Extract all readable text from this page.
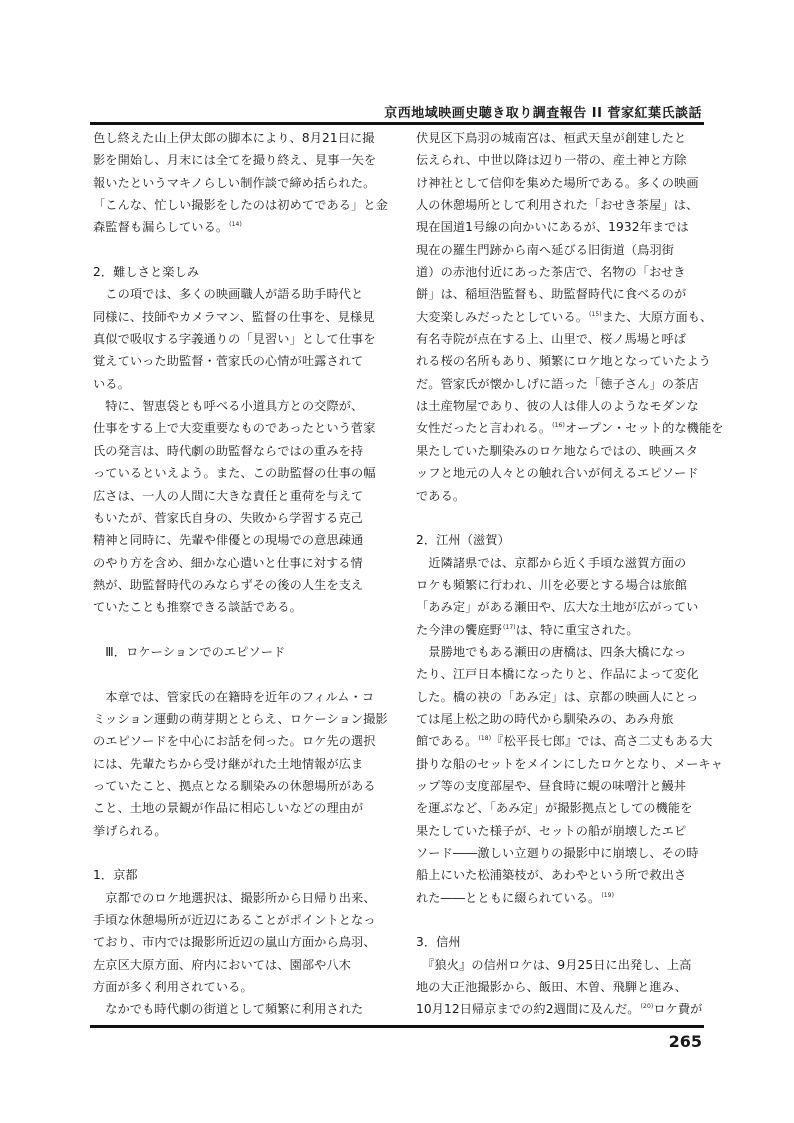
京西地域映画史聴き取り調査報告 II 菅家紅葉氏談話
色し終えた山上伊太郎の脚本により、8月21日に撮
影を開始し、月末には全てを撮り終え、見事一矢を
報いたというマキノらしい制作談で締め括られた。
「こんな、忙しい撮影をしたのは初めてである」と金
森監督も漏らしている。$^{(14)}$
2．難しさと楽しみ
　この項では、多くの映画職人が語る助手時代と
同様に、技師やカメラマン、監督の仕事を、見様見
真似で吸収する字義通りの「見習い」として仕事を
覚えていった助監督・菅家氏の心情が吐露されて
いる。
　特に、智恵袋とも呼べる小道具方との交際が、
仕事をする上で大変重要なものであったという菅家
氏の発言は、時代劇の助監督ならではの重みを持
っているといえよう。また、この助監督の仕事の幅
広さは、一人の人間に大きな責任と重荷を与えて
もいたが、菅家氏自身の、失敗から学習する克己
精神と同時に、先輩や俳優との現場での意思疎通
のやり方を含め、細かな心遣いと仕事に対する情
熱が、助監督時代のみならずその後の人生を支え
ていたことも推察できる談話である。
　Ⅲ．ロケーションでのエピソード
　本章では、管家氏の在籍時を近年のフィルム・コ
ミッション運動の萌芽期ととらえ、ロケーション撮影
のエピソードを中心にお話を伺った。ロケ先の選択
には、先輩たちから受け継がれた土地情報が広ま
っていたこと、拠点となる馴染みの休憩場所がある
こと、土地の景観が作品に相応しいなどの理由が
挙げられる。
1．京都
　京都でのロケ地選択は、撮影所から日帰り出来、
手頃な休憩場所が近辺にあることがポイントとなっ
ており、市内では撮影所近辺の嵐山方面から鳥羽、
左京区大原方面、府内においては、園部や八木
方面が多く利用されている。
　なかでも時代劇の街道として頻繁に利用された
伏見区下鳥羽の城南宮は、桓武天皇が創建したと
伝えられ、中世以降は辺り一帯の、産土神と方除
け神社として信仰を集めた場所である。多くの映画
人の休憩場所として利用された「おせき茶屋」は、
現在国道1号線の向かいにあるが、1932年までは
現在の羅生門跡から南へ延びる旧街道（鳥羽街
道）の赤池付近にあった茶店で、名物の「おせき
餅」は、稲垣浩監督も、助監督時代に食べるのが
大変楽しみだったとしている。$^{(15)}$また、大原方面も、
有名寺院が点在する上、山里で、桜ノ馬場と呼ば
れる桜の名所もあり、頻繁にロケ地となっていたよう
だ。管家氏が懐かしげに語った「徳子さん」の茶店
は土産物屋であり、彼の人は俳人のようなモダンな
女性だったと言われる。$^{(16)}$オープン・セット的な機能を
果たしていた馴染みのロケ地ならではの、映画スタ
ッフと地元の人々との触れ合いが伺えるエピソード
である。
2．江州（滋賀）
　近隣諸県では、京都から近く手頃な滋賀方面の
ロケも頻繁に行われ、川を必要とする場合は旅館
「あみ定」がある瀬田や、広大な土地が広がってい
た今津の饗庭野$^{(17)}$は、特に重宝された。
　景勝地でもある瀬田の唐橋は、四条大橋になっ
たり、江戸日本橋になったりと、作品によって変化
した。橋の袂の「あみ定」は、京都の映画人にとっ
ては尾上松之助の時代から馴染みの、あみ舟旅
館である。$^{(18)}$『松平長七郎』では、高さ二丈もある大
掛りな船のセットをメインにしたロケとなり、メーキャ
ップ等の支度部屋や、昼食時に蜆の味噌汁と鰻丼
を運ぶなど、「あみ定」が撮影拠点としての機能を
果たしていた様子が、セットの船が崩壊したエピ
ソード――激しい立廻りの撮影中に崩壊し、その時
船上にいた松浦築枝が、あわやという所で救出さ
れた――とともに綴られている。$^{(19)}$
3．信州
　『狼火』の信州ロケは、9月25日に出発し、上高
地の大正池撮影から、飯田、木曽、飛騨と進み、
10月12日帰京までの約2週間に及んだ。$^{(20)}$ロケ費が
265
